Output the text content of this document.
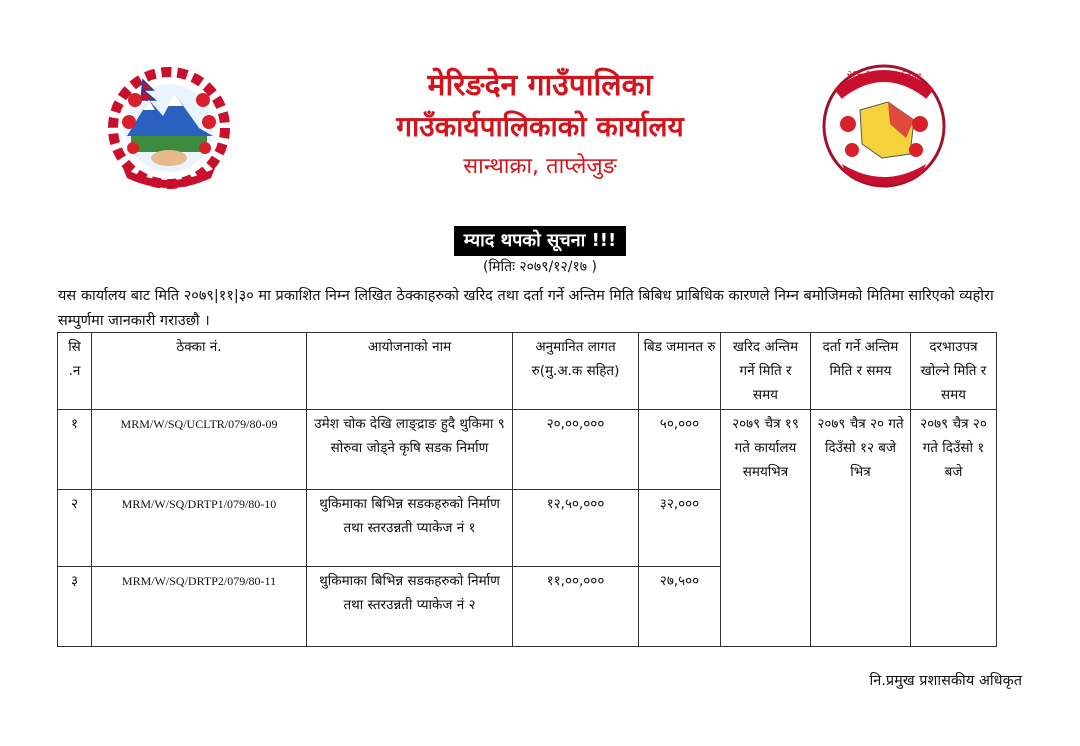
मेरिङदेन गाउँपालिका
मेरिङदेन गाउँपालिका
गाउँकार्यपालिकाको कार्यालय
सान्थाक्रा, ताप्लेजुङ
म्याद थपको सूचना !!!
(मितिः २०७९/१२/१७ )
यस कार्यालय बाट मिति २०७९|११|३० मा प्रकाशित निम्न लिखित ठेक्काहरुको खरिद तथा दर्ता गर्ने अन्तिम मिति बिबिध प्राबिधिक कारणले निम्न बमोजिमको मितिमा सारिएको व्यहोरा सम्पुर्णमा जानकारी गराउछौ ।
सि .न	ठेक्का नं.	आयोजनाको नाम	अनुमानित लागत रु(मु.अ.क सहित)	बिड जमानत रु	खरिद अन्तिम गर्ने मिति र समय	दर्ता गर्ने अन्तिम मिति र समय	दरभाउपत्र खोल्ने मिति र समय
१	MRM/W/SQ/UCLTR/079/80-09	उमेश चोक देखि लाङ्द्राङ हुदै थुकिमा ९ सोरुवा जोड्ने कृषि सडक निर्माण	२०,००,०००	५०,०००	२०७९ चैत्र १९ गते कार्यालय समयभित्र	२०७९ चैत्र २० गते दिउँसो १२ बजे भित्र	२०७९ चैत्र २० गते दिउँसो १ बजे
२	MRM/W/SQ/DRTP1/079/80-10	थुकिमाका बिभिन्न सडकहरुको निर्माण तथा स्तरउन्नती प्याकेज नं १	१२,५०,०००	३२,०००			
३	MRM/W/SQ/DRTP2/079/80-11	थुकिमाका बिभिन्न सडकहरुको निर्माण तथा स्तरउन्नती प्याकेज नं २	११,००,०००	२७,५००			
नि.प्रमुख प्रशासकीय अधिकृत
